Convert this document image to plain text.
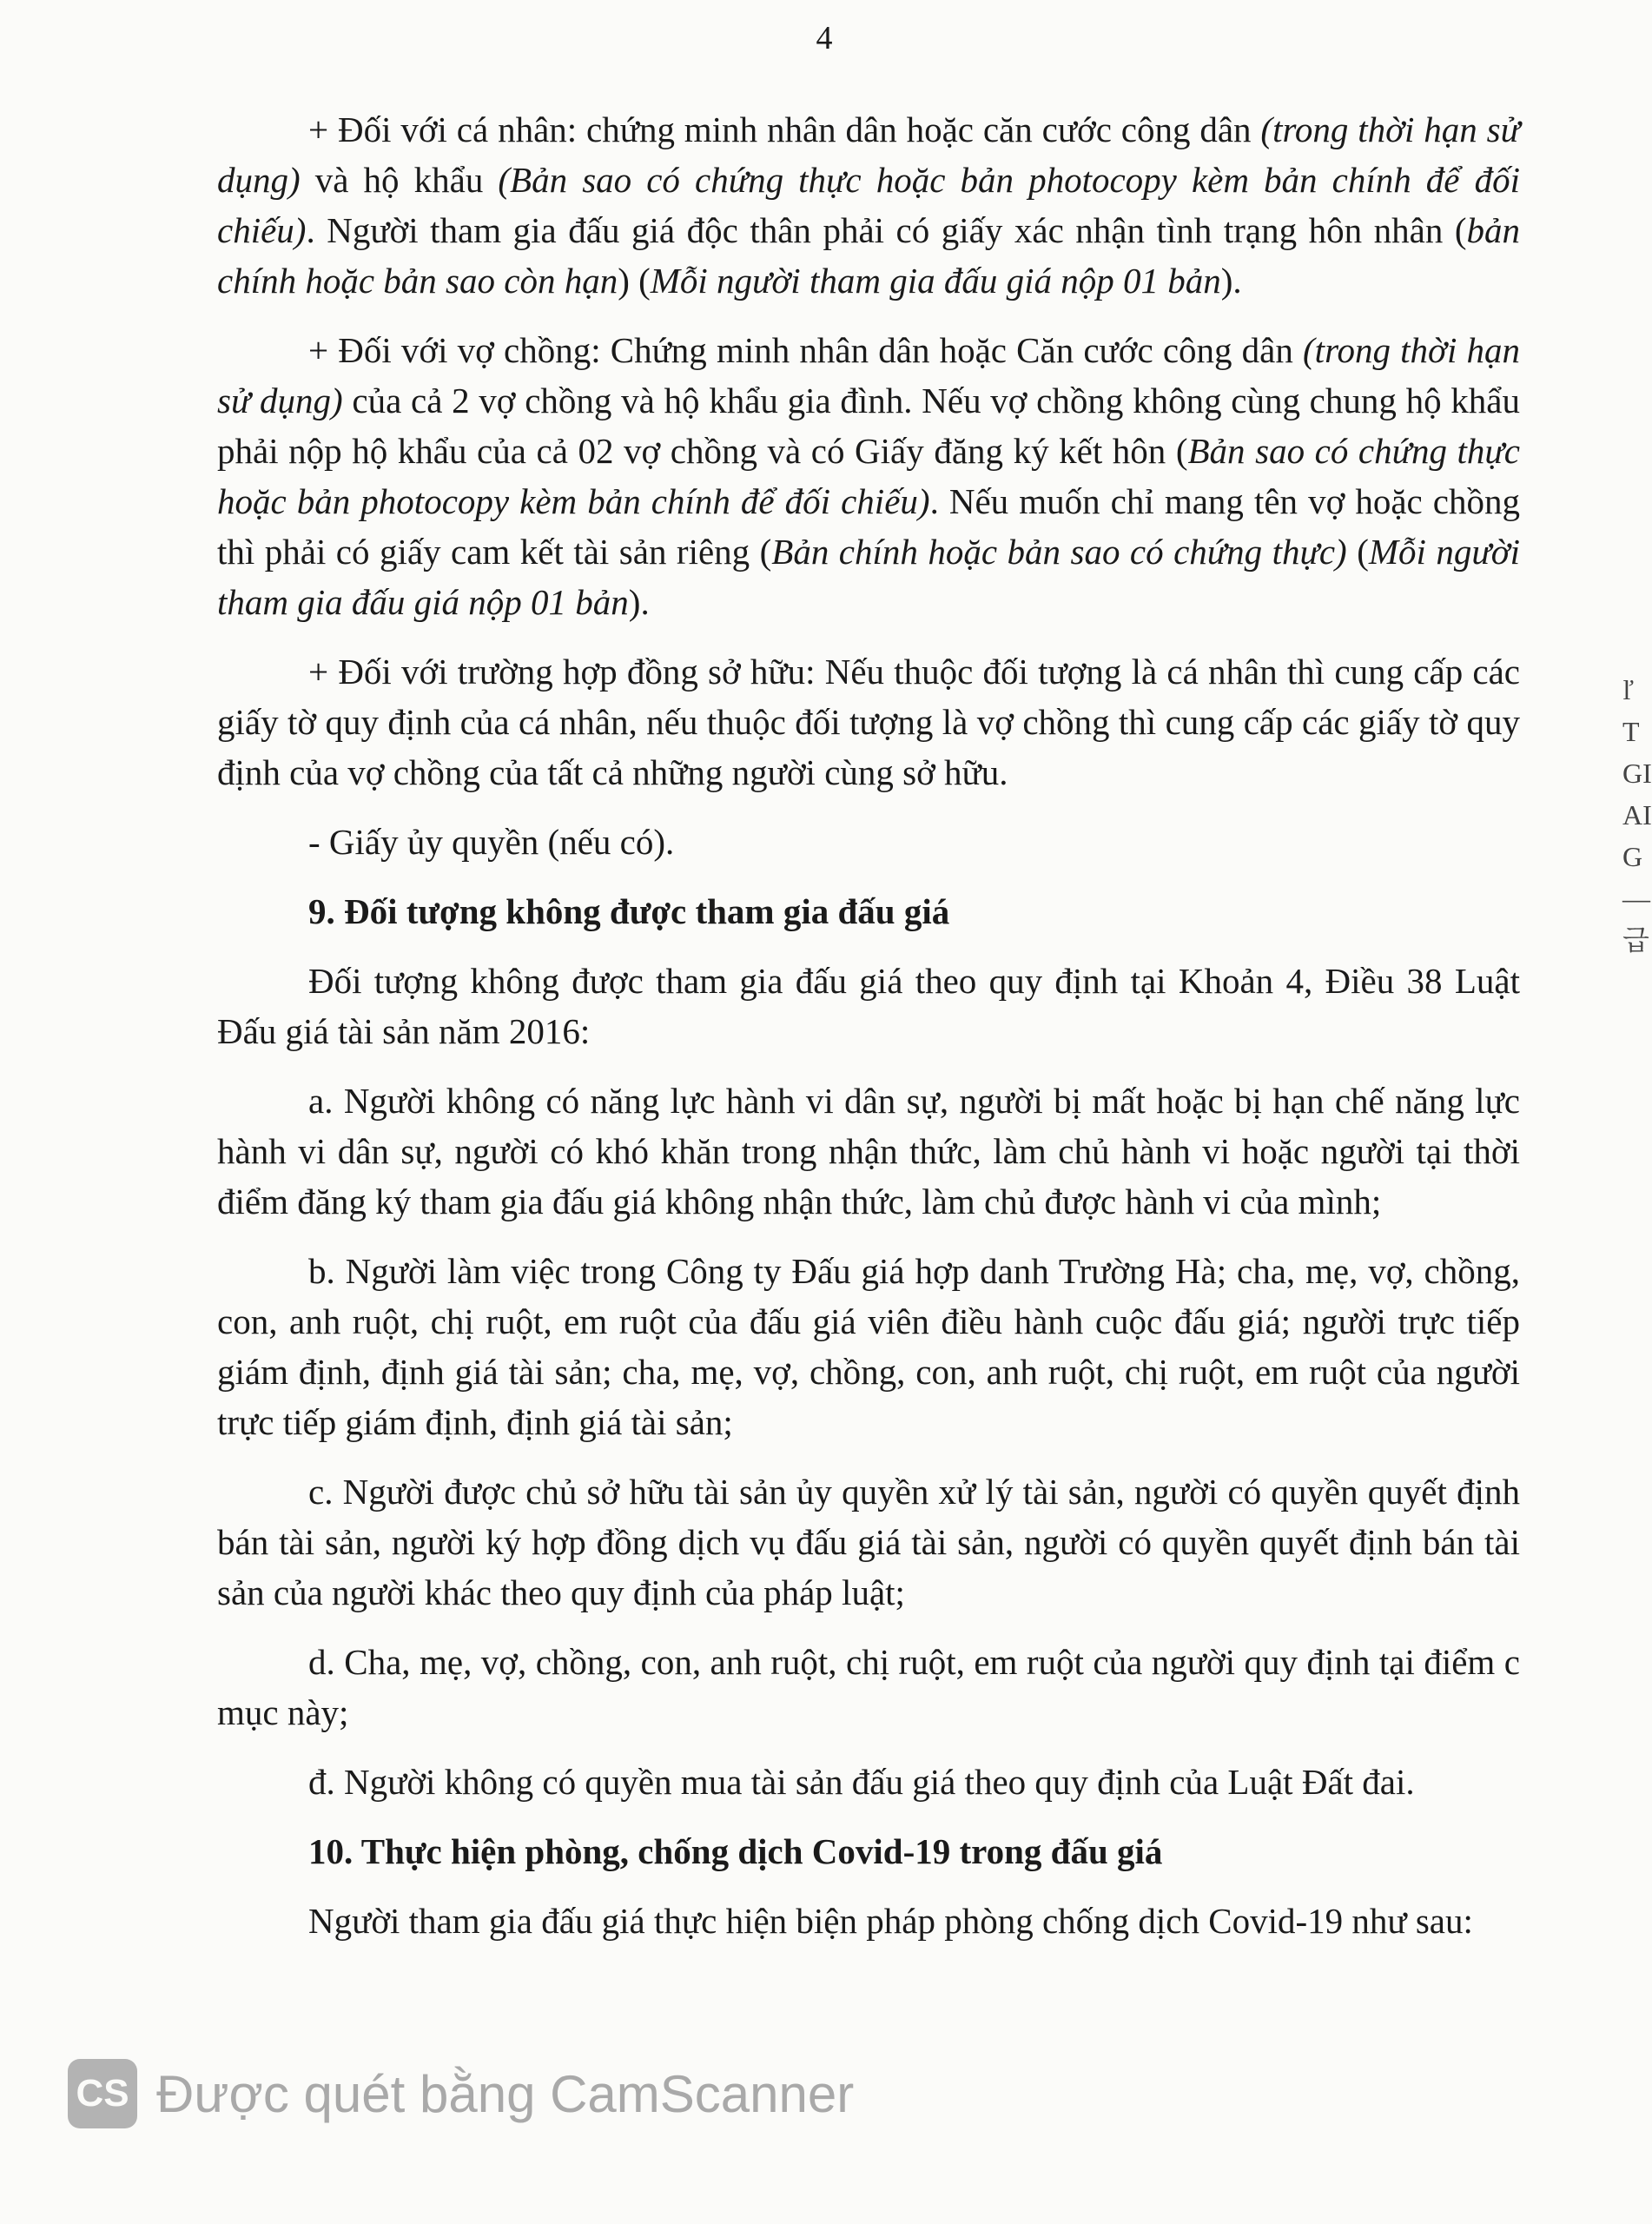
4

+ Đối với cá nhân: chứng minh nhân dân hoặc căn cước công dân (trong thời hạn sử dụng) và hộ khẩu (Bản sao có chứng thực hoặc bản photocopy kèm bản chính để đối chiếu). Người tham gia đấu giá độc thân phải có giấy xác nhận tình trạng hôn nhân (bản chính hoặc bản sao còn hạn) (Mỗi người tham gia đấu giá nộp 01 bản).

+ Đối với vợ chồng: Chứng minh nhân dân hoặc Căn cước công dân (trong thời hạn sử dụng) của cả 2 vợ chồng và hộ khẩu gia đình. Nếu vợ chồng không cùng chung hộ khẩu phải nộp hộ khẩu của cả 02 vợ chồng và có Giấy đăng ký kết hôn (Bản sao có chứng thực hoặc bản photocopy kèm bản chính để đối chiếu). Nếu muốn chỉ mang tên vợ hoặc chồng thì phải có giấy cam kết tài sản riêng (Bản chính hoặc bản sao có chứng thực) (Mỗi người tham gia đấu giá nộp 01 bản).

+ Đối với trường hợp đồng sở hữu: Nếu thuộc đối tượng là cá nhân thì cung cấp các giấy tờ quy định của cá nhân, nếu thuộc đối tượng là vợ chồng thì cung cấp các giấy tờ quy định của vợ chồng của tất cả những người cùng sở hữu.

- Giấy ủy quyền (nếu có).

9. Đối tượng không được tham gia đấu giá

Đối tượng không được tham gia đấu giá theo quy định tại Khoản 4, Điều 38 Luật Đấu giá tài sản năm 2016:

a. Người không có năng lực hành vi dân sự, người bị mất hoặc bị hạn chế năng lực hành vi dân sự, người có khó khăn trong nhận thức, làm chủ hành vi hoặc người tại thời điểm đăng ký tham gia đấu giá không nhận thức, làm chủ được hành vi của mình;

b. Người làm việc trong Công ty Đấu giá hợp danh Trường Hà; cha, mẹ, vợ, chồng, con, anh ruột, chị ruột, em ruột của đấu giá viên điều hành cuộc đấu giá; người trực tiếp giám định, định giá tài sản; cha, mẹ, vợ, chồng, con, anh ruột, chị ruột, em ruột của người trực tiếp giám định, định giá tài sản;

c. Người được chủ sở hữu tài sản ủy quyền xử lý tài sản, người có quyền quyết định bán tài sản, người ký hợp đồng dịch vụ đấu giá tài sản, người có quyền quyết định bán tài sản của người khác theo quy định của pháp luật;

d. Cha, mẹ, vợ, chồng, con, anh ruột, chị ruột, em ruột của người quy định tại điểm c mục này;

đ. Người không có quyền mua tài sản đấu giá theo quy định của Luật Đất đai.

10. Thực hiện phòng, chống dịch Covid-19 trong đấu giá

Người tham gia đấu giá thực hiện biện pháp phòng chống dịch Covid-19 như sau:

ľ
T
GI
AI
G
—
급
CS Được quét bằng CamScanner
